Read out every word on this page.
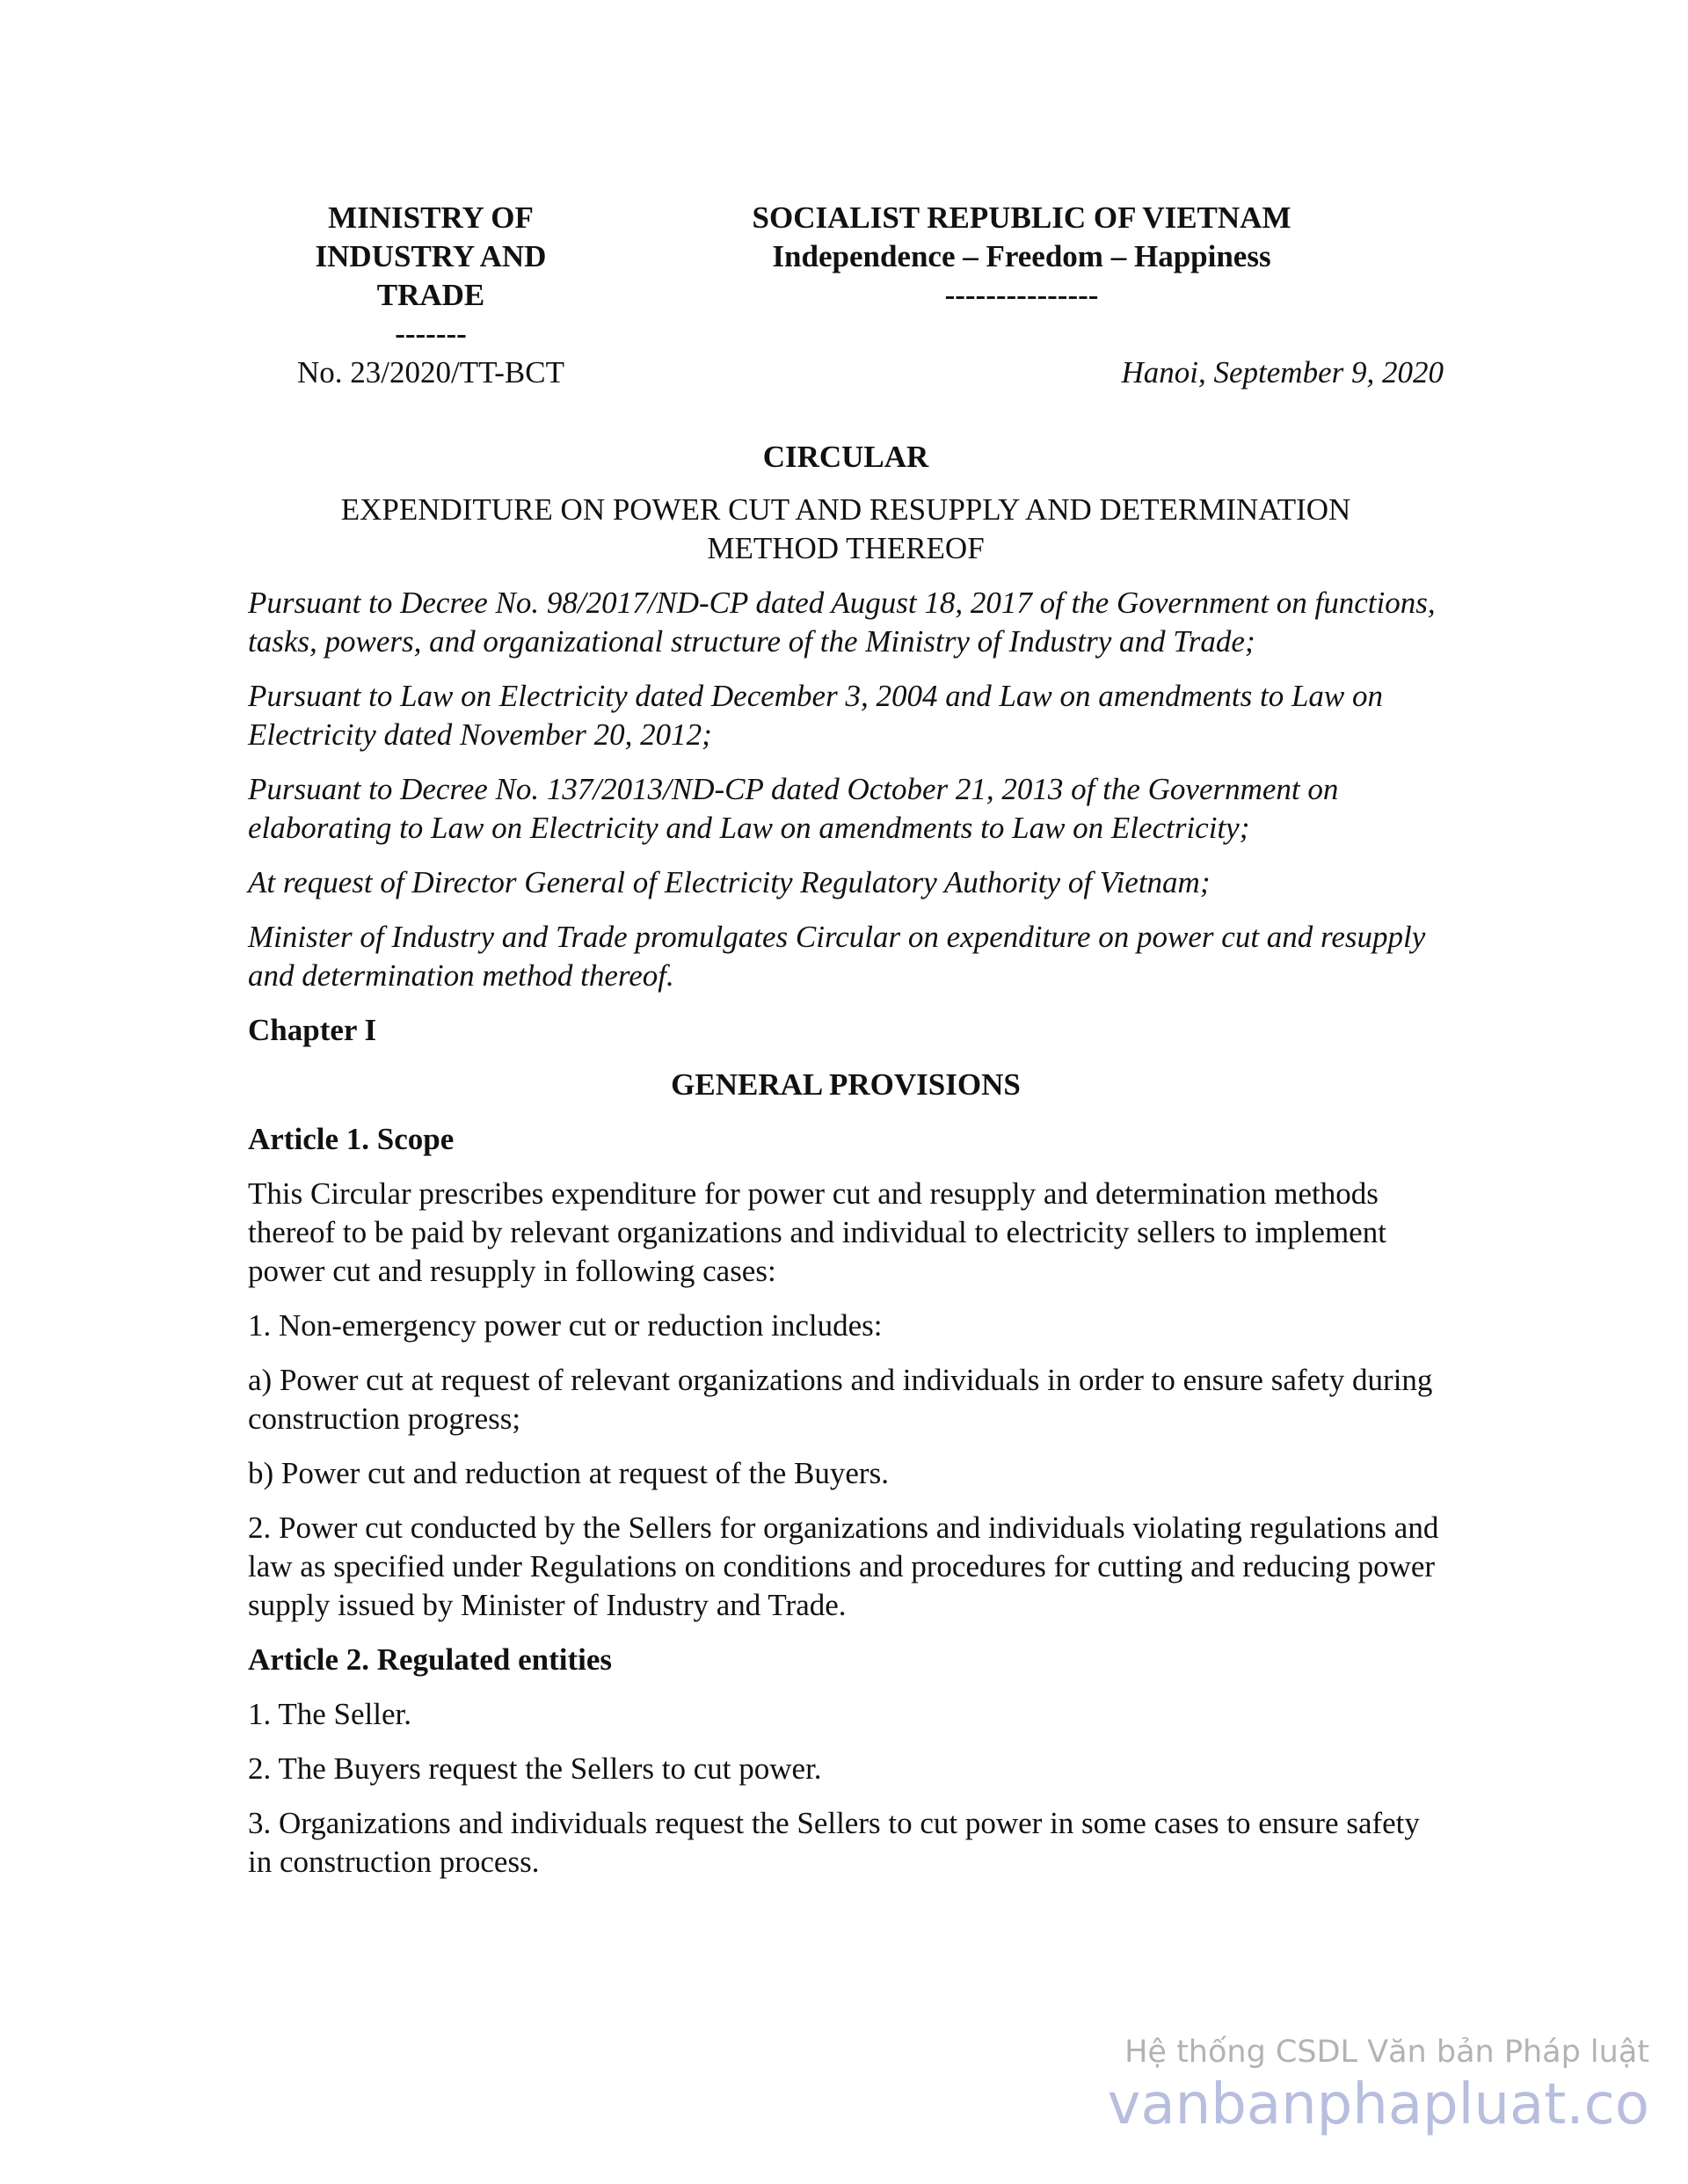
MINISTRY OF
INDUSTRY AND
TRADE
-------
SOCIALIST REPUBLIC OF VIETNAM
Independence – Freedom – Happiness
---------------
No. 23/2020/TT-BCT	Hanoi, September 9, 2020

CIRCULAR

EXPENDITURE ON POWER CUT AND RESUPPLY AND DETERMINATION
METHOD THEREOF

Pursuant to Decree No. 98/2017/ND-CP dated August 18, 2017 of the Government on functions, tasks, powers, and organizational structure of the Ministry of Industry and Trade;

Pursuant to Law on Electricity dated December 3, 2004 and Law on amendments to Law on Electricity dated November 20, 2012;

Pursuant to Decree No. 137/2013/ND-CP dated October 21, 2013 of the Government on elaborating to Law on Electricity and Law on amendments to Law on Electricity;

At request of Director General of Electricity Regulatory Authority of Vietnam;

Minister of Industry and Trade promulgates Circular on expenditure on power cut and resupply and determination method thereof.

Chapter I

GENERAL PROVISIONS

Article 1. Scope

This Circular prescribes expenditure for power cut and resupply and determination methods thereof to be paid by relevant organizations and individual to electricity sellers to implement power cut and resupply in following cases:

1. Non-emergency power cut or reduction includes:

a) Power cut at request of relevant organizations and individuals in order to ensure safety during construction progress;

b) Power cut and reduction at request of the Buyers.

2. Power cut conducted by the Sellers for organizations and individuals violating regulations and law as specified under Regulations on conditions and procedures for cutting and reducing power supply issued by Minister of Industry and Trade.

Article 2. Regulated entities

1. The Seller.

2. The Buyers request the Sellers to cut power.

3. Organizations and individuals request the Sellers to cut power in some cases to ensure safety in construction process.

Hệ thống CSDL Văn bản Pháp luật
vanbanphapluat.co
